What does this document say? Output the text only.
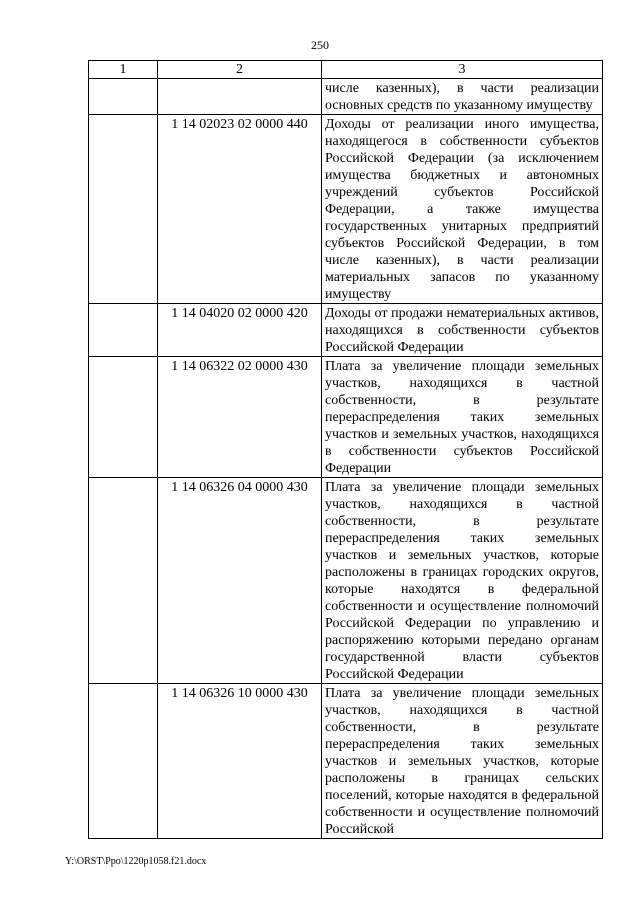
250
1	2	3
		числе казенных), в части реализации основных средств по указанному имуществу
	1 14 02023 02 0000 440	Доходы от реализации иного имущества, находящегося в собственности субъектов Российской Федерации (за исключением имущества бюджетных и автономных учреждений субъектов Российской Федерации, а также имущества государственных унитарных предприятий субъектов Российской Федерации, в том числе казенных), в части реализации материальных запасов по указанному имуществу
	1 14 04020 02 0000 420	Доходы от продажи нематериальных активов, находящихся в собственности субъектов Российской Федерации
	1 14 06322 02 0000 430	Плата за увеличение площади земельных участков, находящихся в частной собственности, в результате перераспределения таких земельных участков и земельных участков, находящихся в собственности субъектов Российской Федерации
	1 14 06326 04 0000 430	Плата за увеличение площади земельных участков, находящихся в частной собственности, в результате перераспределения таких земельных участков и земельных участков, которые расположены в границах городских округов, которые находятся в федеральной собственности и осуществление полномочий Российской Федерации по управлению и распоряжению которыми передано органам государственной власти субъектов Российской Федерации
	1 14 06326 10 0000 430	Плата за увеличение площади земельных участков, находящихся в частной собственности, в результате перераспределения таких земельных участков и земельных участков, которые расположены в границах сельских поселений, которые находятся в федеральной собственности и осуществление полномочий Российской
Y:\ORST\Ppo\1220p1058.f21.docx
